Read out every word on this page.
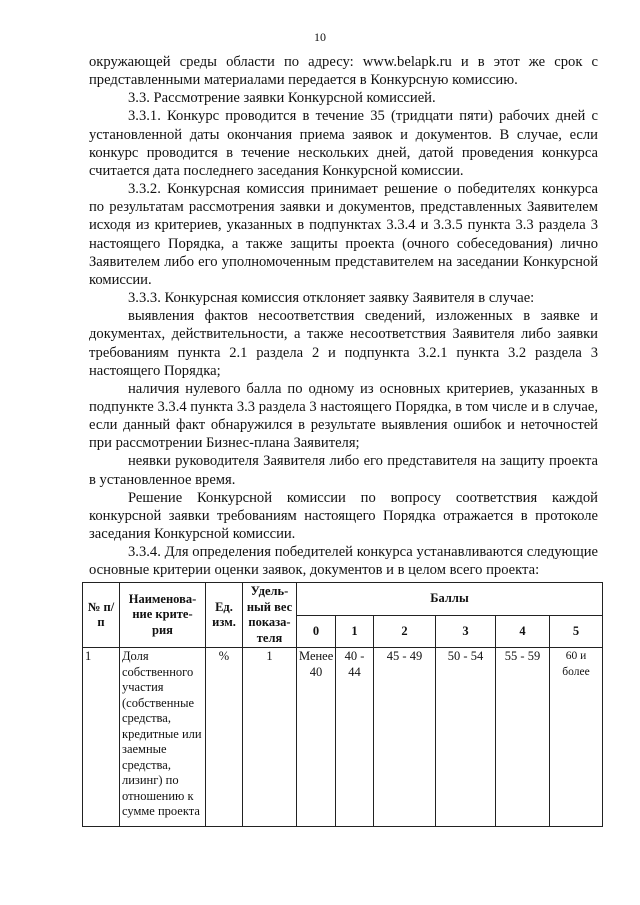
10

окружающей среды области по адресу: www.belapk.ru и в этот же срок с представленными материалами передается в Конкурсную комиссию.

3.3. Рассмотрение заявки Конкурсной комиссией.

3.3.1. Конкурс проводится в течение 35 (тридцати пяти) рабочих дней с установленной даты окончания приема заявок и документов. В случае, если конкурс проводится в течение нескольких дней, датой проведения конкурса считается дата последнего заседания Конкурсной комиссии.

3.3.2. Конкурсная комиссия принимает решение о победителях конкурса по результатам рассмотрения заявки и документов, представленных Заявителем исходя из критериев, указанных в подпунктах 3.3.4 и 3.3.5 пункта 3.3 раздела 3 настоящего Порядка, а также защиты проекта (очного собеседования) лично Заявителем либо его уполномоченным представителем на заседании Конкурсной комиссии.

3.3.3. Конкурсная комиссия отклоняет заявку Заявителя в случае:

выявления фактов несоответствия сведений, изложенных в заявке и документах, действительности, а также несоответствия Заявителя либо заявки требованиям пункта 2.1 раздела 2 и подпункта 3.2.1 пункта 3.2 раздела 3 настоящего Порядка;

наличия нулевого балла по одному из основных критериев, указанных в подпункте 3.3.4 пункта 3.3 раздела 3 настоящего Порядка, в том числе и в случае, если данный факт обнаружился в результате выявления ошибок и неточностей при рассмотрении Бизнес-плана Заявителя;

неявки руководителя Заявителя либо его представителя на защиту проекта в установленное время.

Решение Конкурсной комиссии по вопросу соответствия каждой конкурсной заявки требованиям настоящего Порядка отражается в протоколе заседания Конкурсной комиссии.

3.3.4. Для определения победителей конкурса устанавливаются следующие основные критерии оценки заявок, документов и в целом всего проекта:

№ п/п	Наименова-ние крите-рия	Ед. изм.	Удель-ный вес показа-теля	Баллы					
				0	1	2	3	4	5
1	Доля собственного участия (собственные средства, кредитные или заемные средства, лизинг) по отношению к сумме проекта	%	1	Менее 40	40 - 44	45 - 49	50 - 54	55 - 59	60 и более
